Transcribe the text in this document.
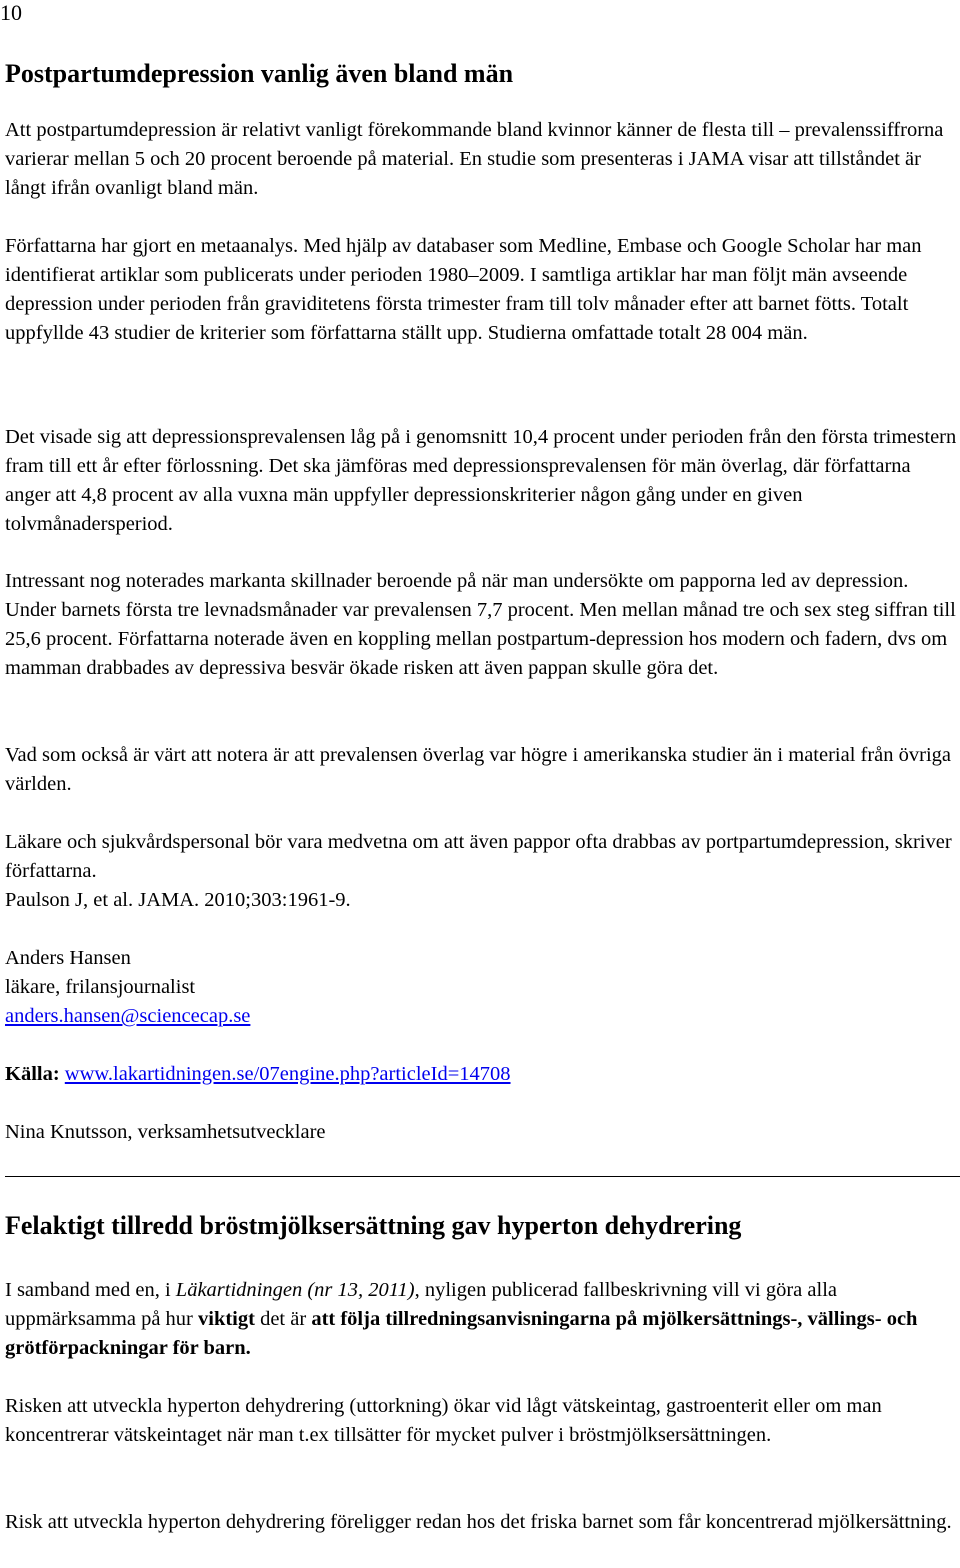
10
Postpartumdepression vanlig även bland män

Att postpartumdepression är relativt vanligt förekommande bland kvinnor känner de flesta till – prevalenssiffrorna varierar mellan 5 och 20 procent beroende på material. En studie som presenteras i JAMA visar att tillståndet är långt ifrån ovanligt bland män.

Författarna har gjort en metaanalys. Med hjälp av databaser som Medline, Embase och Google Scholar har man identifierat artiklar som publicerats under perioden 1980–2009. I samtliga artiklar har man följt män avseende depression under perioden från graviditetens första trimester fram till tolv månader efter att barnet fötts. Totalt uppfyllde 43 studier de kriterier som författarna ställt upp. Studierna omfattade totalt 28 004 män.

Det visade sig att depressionsprevalensen låg på i genomsnitt 10,4 procent under perioden från den första trimestern fram till ett år efter förlossning. Det ska jämföras med depressionsprevalensen för män överlag, där författarna anger att 4,8 procent av alla vuxna män uppfyller depressionskriterier någon gång under en given tolvmånadersperiod.

Intressant nog noterades markanta skillnader beroende på när man undersökte om papporna led av depression. Under barnets första tre levnadsmånader var prevalensen 7,7 procent. Men mellan månad tre och sex steg siffran till 25,6 procent. Författarna noterade även en koppling mellan postpartum-depression hos modern och fadern, dvs om mamman drabbades av depressiva besvär ökade risken att även pappan skulle göra det.

Vad som också är värt att notera är att prevalensen överlag var högre i amerikanska studier än i material från övriga världen.

Läkare och sjukvårdspersonal bör vara medvetna om att även pappor ofta drabbas av portpartumdepression, skriver författarna.

Paulson J, et al. JAMA. 2010;303:1961-9.

Anders Hansen

läkare, frilansjournalist

anders.hansen@sciencecap.se

Källa: www.lakartidningen.se/07engine.php?articleId=14708

Nina Knutsson, verksamhetsutvecklare

Felaktigt tillredd bröstmjölksersättning gav hyperton dehydrering

I samband med en, i Läkartidningen (nr 13, 2011), nyligen publicerad fallbeskrivning vill vi göra alla uppmärksamma på hur viktigt det är att följa tillredningsanvisningarna på mjölkersättnings-, vällings- och grötförpackningar för barn.

Risken att utveckla hyperton dehydrering (uttorkning) ökar vid lågt vätskeintag, gastroenterit eller om man koncentrerar vätskeintaget när man t.ex tillsätter för mycket pulver i bröstmjölksersättningen.

Risk att utveckla hyperton dehydrering föreligger redan hos det friska barnet som får koncentrerad mjölkersättning.
